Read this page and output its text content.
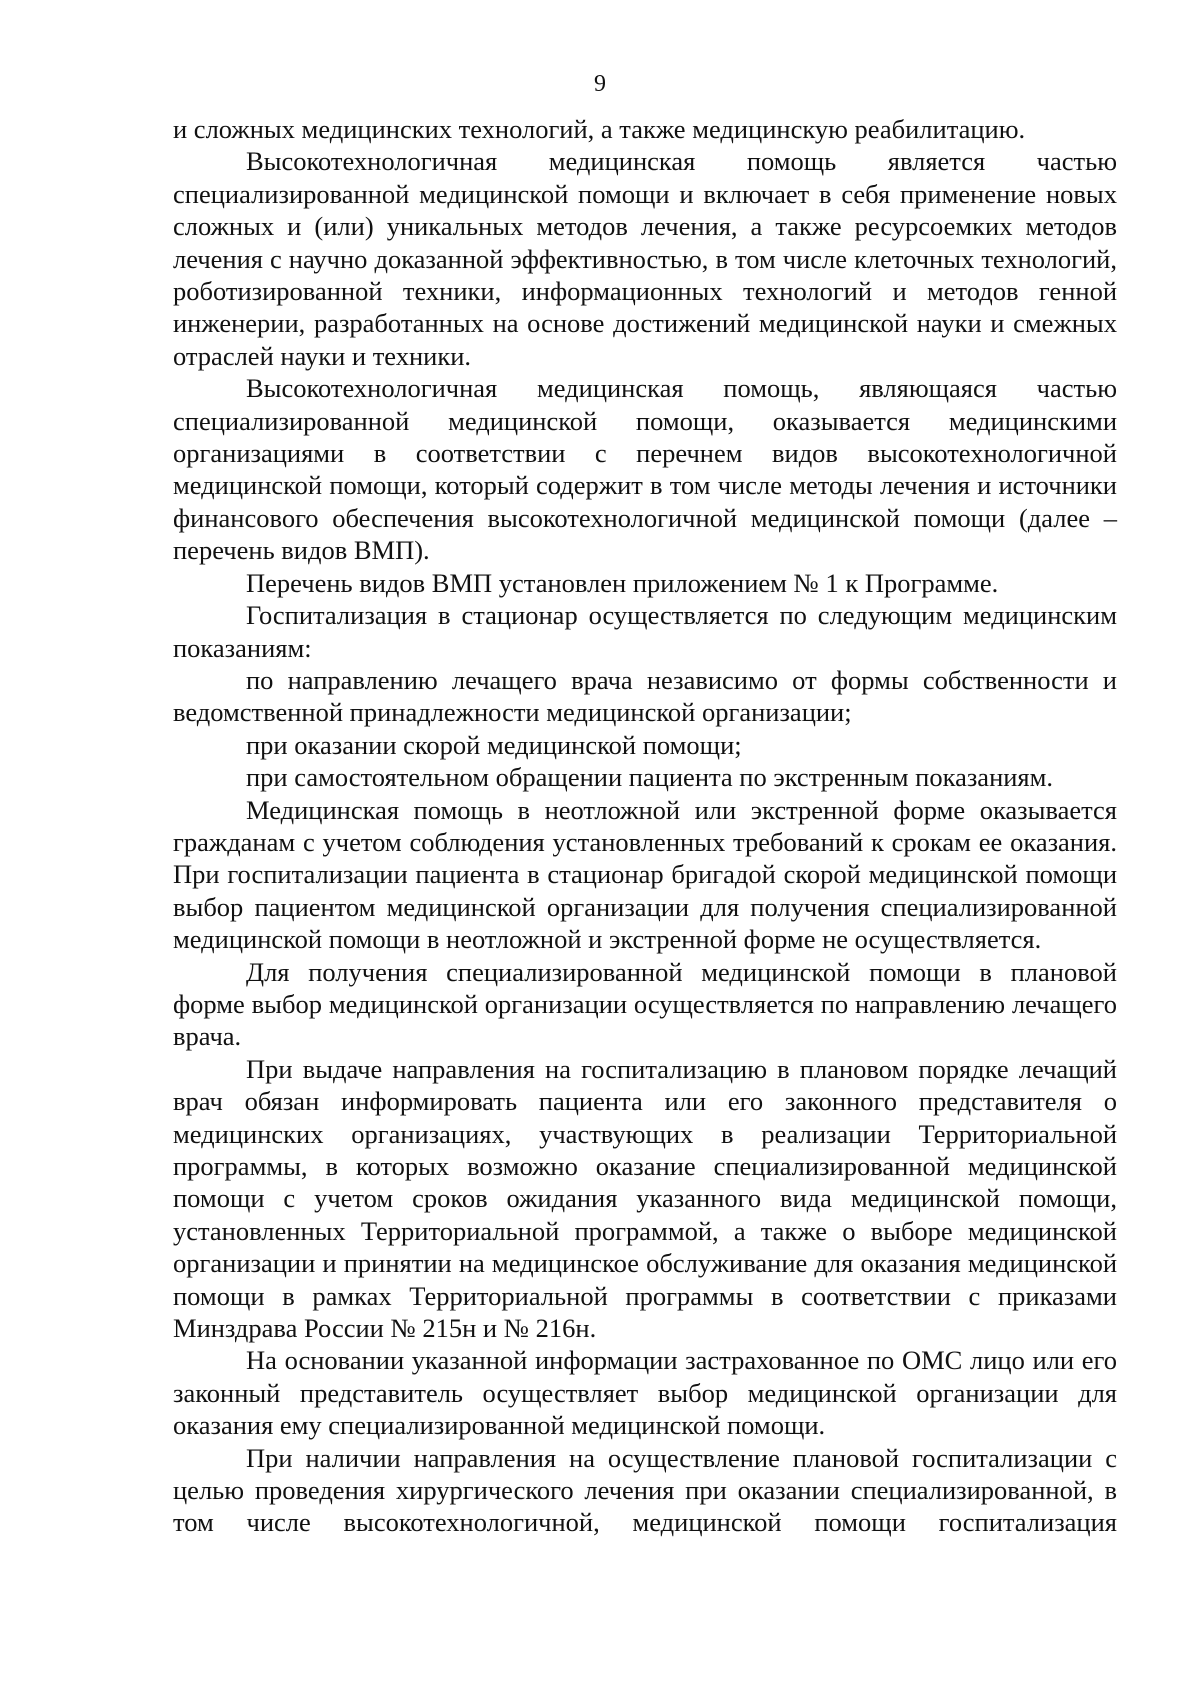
9

и сложных медицинских технологий, а также медицинскую реабилитацию.

Высокотехнологичная медицинская помощь является частью специализированной медицинской помощи и включает в себя применение новых сложных и (или) уникальных методов лечения, а также ресурсоемких методов лечения с научно доказанной эффективностью, в том числе клеточных технологий, роботизированной техники, информационных технологий и методов генной инженерии, разработанных на основе достижений медицинской науки и смежных отраслей науки и техники.

Высокотехнологичная медицинская помощь, являющаяся частью специализированной медицинской помощи, оказывается медицинскими организациями в соответствии с перечнем видов высокотехнологичной медицинской помощи, который содержит в том числе методы лечения и источники финансового обеспечения высокотехнологичной медицинской помощи (далее – перечень видов ВМП).

Перечень видов ВМП установлен приложением № 1 к Программе.

Госпитализация в стационар осуществляется по следующим медицинским показаниям:

по направлению лечащего врача независимо от формы собственности и ведомственной принадлежности медицинской организации;

при оказании скорой медицинской помощи;

при самостоятельном обращении пациента по экстренным показаниям.

Медицинская помощь в неотложной или экстренной форме оказывается гражданам с учетом соблюдения установленных требований к срокам ее оказания. При госпитализации пациента в стационар бригадой скорой медицинской помощи выбор пациентом медицинской организации для получения специализированной медицинской помощи в неотложной и экстренной форме не осуществляется.

Для получения специализированной медицинской помощи в плановой форме выбор медицинской организации осуществляется по направлению лечащего врача.

При выдаче направления на госпитализацию в плановом порядке лечащий врач обязан информировать пациента или его законного представителя о медицинских организациях, участвующих в реализации Территориальной программы, в которых возможно оказание специализированной медицинской помощи с учетом сроков ожидания указанного вида медицинской помощи, установленных Территориальной программой, а также о выборе медицинской организации и принятии на медицинское обслуживание для оказания медицинской помощи в рамках Территориальной программы в соответствии с приказами Минздрава России № 215н и № 216н.

На основании указанной информации застрахованное по ОМС лицо или его законный представитель осуществляет выбор медицинской организации для оказания ему специализированной медицинской помощи.

При наличии направления на осуществление плановой госпитализации с целью проведения хирургического лечения при оказании специализированной, в том числе высокотехнологичной, медицинской помощи госпитализация
